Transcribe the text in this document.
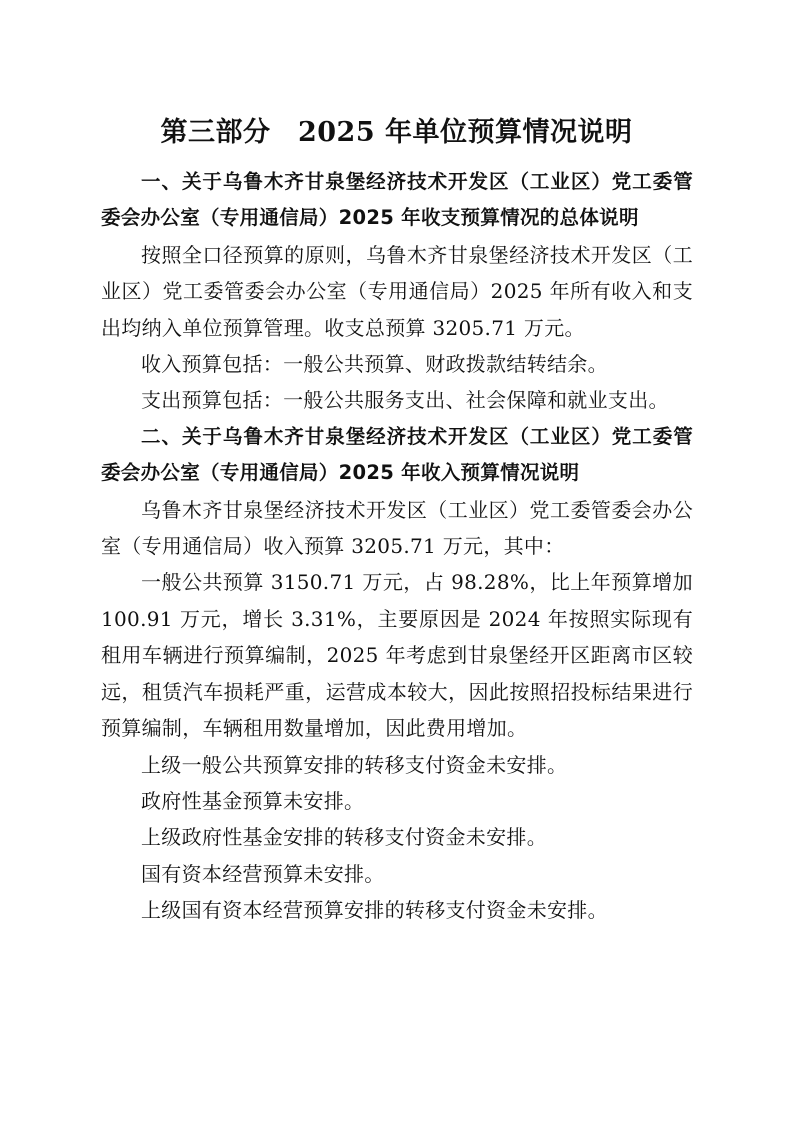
第三部分　2025 年单位预算情况说明

一、关于乌鲁木齐甘泉堡经济技术开发区（工业区）党工委管委会办公室（专用通信局）2025 年收支预算情况的总体说明

按照全口径预算的原则，乌鲁木齐甘泉堡经济技术开发区（工业区）党工委管委会办公室（专用通信局）2025 年所有收入和支出均纳入单位预算管理。收支总预算 3205.71 万元。

收入预算包括：一般公共预算、财政拨款结转结余。

支出预算包括：一般公共服务支出、社会保障和就业支出。

二、关于乌鲁木齐甘泉堡经济技术开发区（工业区）党工委管委会办公室（专用通信局）2025 年收入预算情况说明

乌鲁木齐甘泉堡经济技术开发区（工业区）党工委管委会办公室（专用通信局）收入预算 3205.71 万元，其中：

一般公共预算 3150.71 万元，占 98.28%，比上年预算增加 100.91 万元，增长 3.31%，主要原因是 2024 年按照实际现有租用车辆进行预算编制，2025 年考虑到甘泉堡经开区距离市区较远，租赁汽车损耗严重，运营成本较大，因此按照招投标结果进行预算编制，车辆租用数量增加，因此费用增加。

上级一般公共预算安排的转移支付资金未安排。

政府性基金预算未安排。

上级政府性基金安排的转移支付资金未安排。

国有资本经营预算未安排。

上级国有资本经营预算安排的转移支付资金未安排。
